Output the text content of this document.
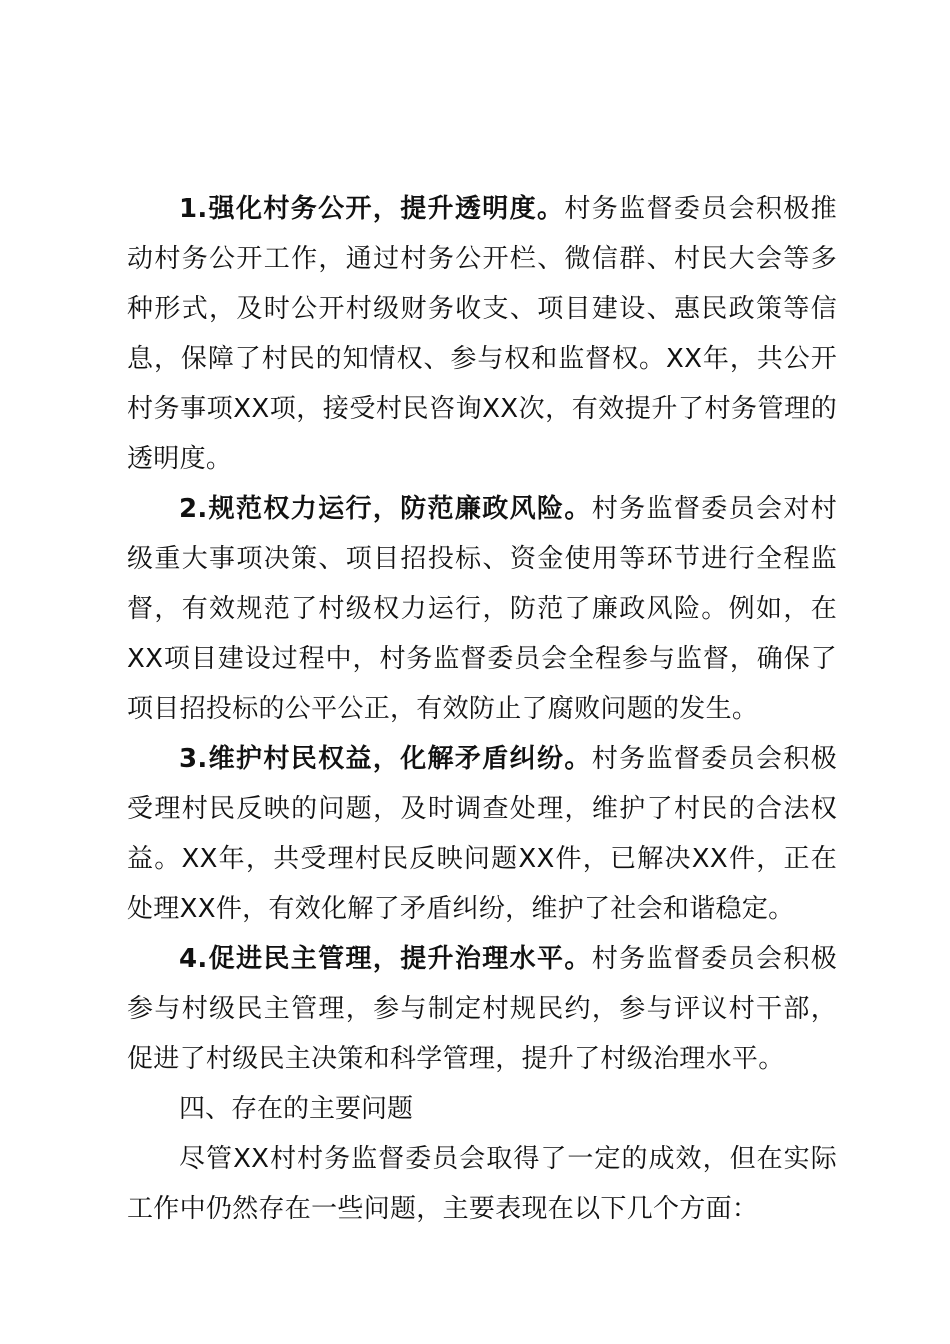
1.强化村务公开，提升透明度。村务监督委员会积极推动村务公开工作，通过村务公开栏、微信群、村民大会等多种形式，及时公开村级财务收支、项目建设、惠民政策等信息，保障了村民的知情权、参与权和监督权。XX年，共公开村务事项XX项，接受村民咨询XX次，有效提升了村务管理的透明度。

2.规范权力运行，防范廉政风险。村务监督委员会对村级重大事项决策、项目招投标、资金使用等环节进行全程监督，有效规范了村级权力运行，防范了廉政风险。例如，在XX项目建设过程中，村务监督委员会全程参与监督，确保了项目招投标的公平公正，有效防止了腐败问题的发生。

3.维护村民权益，化解矛盾纠纷。村务监督委员会积极受理村民反映的问题，及时调查处理，维护了村民的合法权益。XX年，共受理村民反映问题XX件，已解决XX件，正在处理XX件，有效化解了矛盾纠纷，维护了社会和谐稳定。

4.促进民主管理，提升治理水平。村务监督委员会积极参与村级民主管理，参与制定村规民约，参与评议村干部，促进了村级民主决策和科学管理，提升了村级治理水平。

四、存在的主要问题

尽管XX村村务监督委员会取得了一定的成效，但在实际工作中仍然存在一些问题，主要表现在以下几个方面：
